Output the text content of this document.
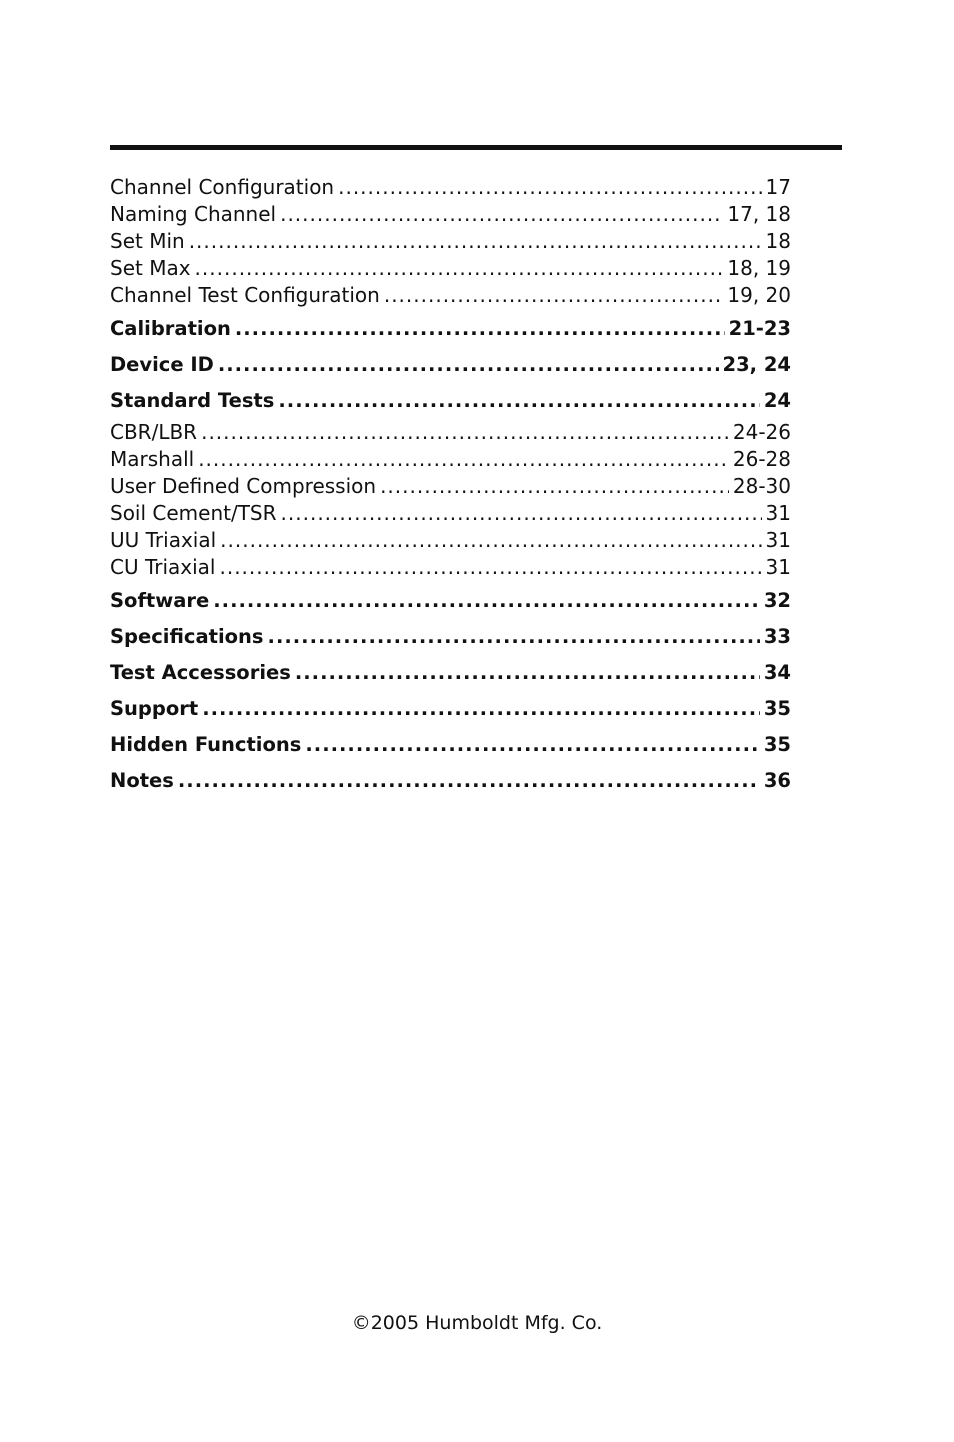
Channel Configuration .....	17
Naming Channel .....	17, 18
Set Min .....	18
Set Max .....	18, 19
Channel Test Configuration .....	19, 20
Calibration .....	21-23
Device ID .....	23, 24
Standard Tests .....	24
CBR/LBR .....	24-26
Marshall .....	26-28
User Defined Compression .....	28-30
Soil Cement/TSR .....	31
UU Triaxial .....	31
CU Triaxial .....	31
Software .....	32
Specifications .....	33
Test Accessories .....	34
Support .....	35
Hidden Functions .....	35
Notes .....	36
©2005 Humboldt Mfg. Co.
